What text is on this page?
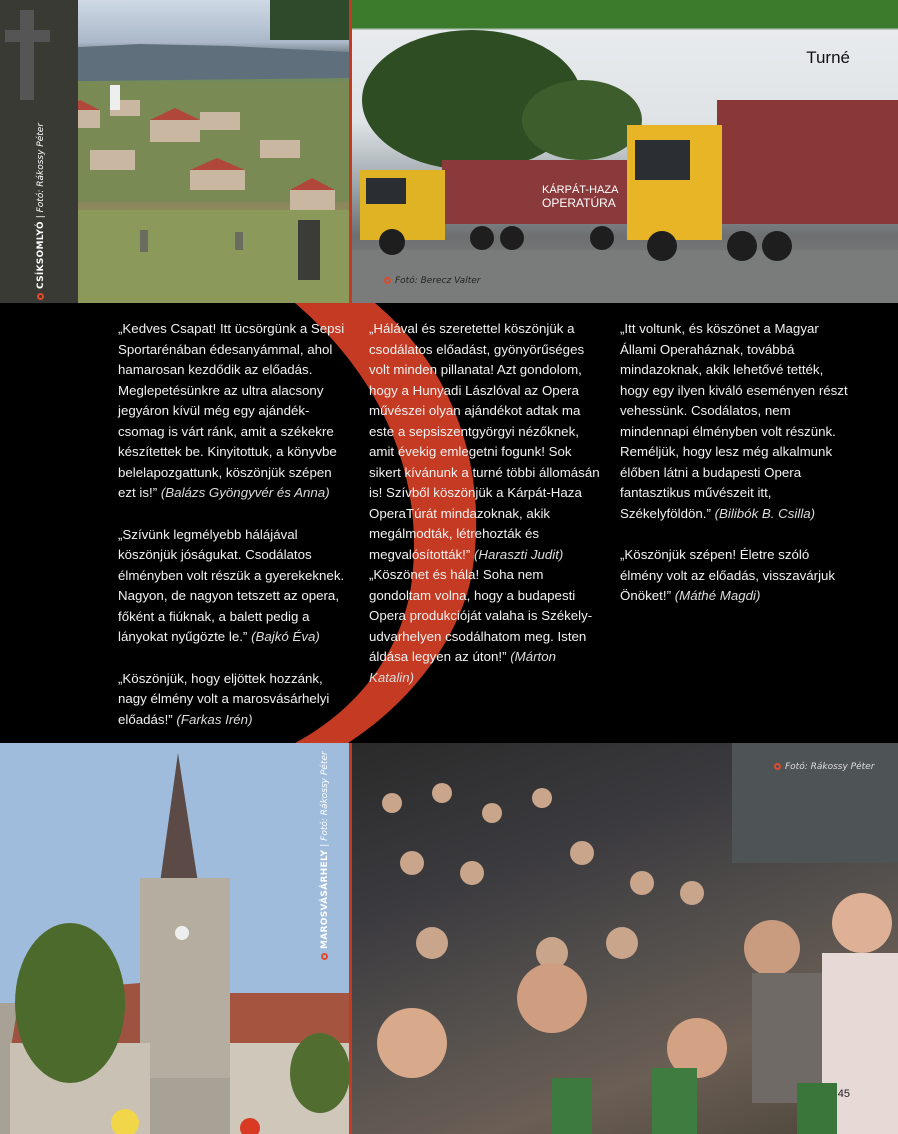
CSÍKSOMLYÓ | Fotó: Rákossy Péter	KÁRPÁT-HAZA
OPERATÚRA
Turné
Fotó: Berecz Valter

„Kedves Csapat! Itt ücsörgünk a Sepsi Sportarénában édesanyámmal, ahol hamarosan kezdődik az előadás. Meglepetésünkre az ultra alacsony jegyáron kívül még egy ajándék-csomag is várt ránk, amit a székekre készítettek be. Kinyitottuk, a könyvbe belelapozgattunk, köszönjük szépen ezt is!” (Balázs Gyöngyvér és Anna)

„Szívünk legmélyebb hálájával köszönjük jóságukat. Csodálatos élményben volt részük a gyerekeknek. Nagyon, de nagyon tetszett az opera, főként a fiúknak, a balett pedig a lányokat nyűgözte le.” (Bajkó Éva)

„Köszönjük, hogy eljöttek hozzánk, nagy élmény volt a marosvásárhelyi előadás!” (Farkas Irén)

„Hálával és szeretettel köszönjük a csodálatos előadást, gyönyörűséges volt minden pillanata! Azt gondolom, hogy a Hunyadi Lászlóval az Opera művészei olyan ajándékot adtak ma este a sepsiszentgyörgyi nézőknek, amit évekig emlegetni fogunk! Sok sikert kívánunk a turné többi állomásán is! Szívből köszönjük a Kárpát-Haza OperaTúrát mindazoknak, akik megálmodták, létrehozták és megvalósították!” (Haraszti Judit)

„Köszönet és hála! Soha nem gondoltam volna, hogy a budapesti Opera produkcióját valaha is Székely-udvarhelyen csodálhatom meg. Isten áldása legyen az úton!” (Márton Katalin)

„Itt voltunk, és köszönet a Magyar Állami Operaháznak, továbbá mindazoknak, akik lehetővé tették, hogy egy ilyen kiváló eseményen részt vehessünk. Csodálatos, nem mindennapi élményben volt részünk. Reméljük, hogy lesz még alkalmunk élőben látni a budapesti Opera fantasztikus művészeit itt, Székelyföldön.” (Bilibók B. Csilla)

„Köszönjük szépen! Életre szóló élmény volt az előadás, visszavárjuk Önöket!” (Máthé Magdi)

MAROSVÁSÁRHELY | Fotó: Rákossy Péter	Fotó: Rákossy Péter
45
